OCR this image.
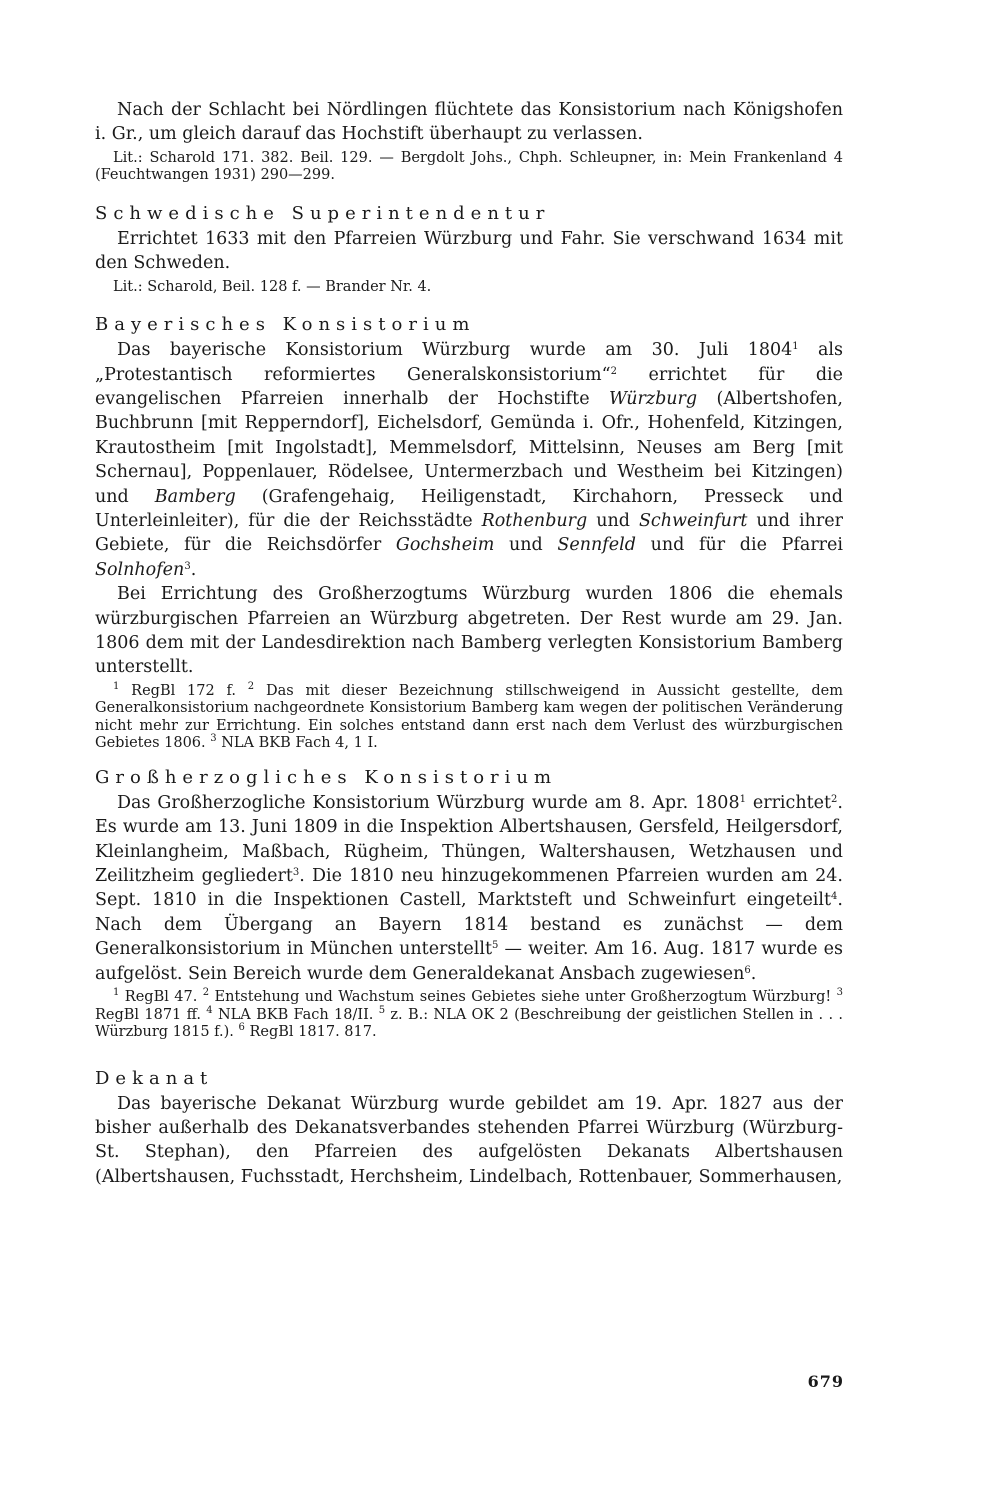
Nach der Schlacht bei Nördlingen flüchtete das Konsistorium nach Königshofen i. Gr., um gleich darauf das Hochstift überhaupt zu verlassen.

Lit.: Scharold 171. 382. Beil. 129. — Bergdolt Johs., Chph. Schleupner, in: Mein Frankenland 4 (Feuchtwangen 1931) 290—299.

Schwedische Superintendentur

Errichtet 1633 mit den Pfarreien Würzburg und Fahr. Sie verschwand 1634 mit den Schweden.

Lit.: Scharold, Beil. 128 f. — Brander Nr. 4.

Bayerisches Konsistorium

Das bayerische Konsistorium Würzburg wurde am 30. Juli 1804$^1$ als „Protestantisch reformiertes Generalskonsistorium“$^2$ errichtet für die evangelischen Pfarreien innerhalb der Hochstifte Würzburg (Albertshofen, Buchbrunn [mit Repperndorf], Eichelsdorf, Gemünda i. Ofr., Hohenfeld, Kitzingen, Krautostheim [mit Ingolstadt], Memmelsdorf, Mittelsinn, Neuses am Berg [mit Schernau], Poppenlauer, Rödelsee, Untermerzbach und Westheim bei Kitzingen) und Bamberg (Grafengehaig, Heiligenstadt, Kirchahorn, Presseck und Unterleinleiter), für die der Reichsstädte Rothenburg und Schweinfurt und ihrer Gebiete, für die Reichsdörfer Gochsheim und Sennfeld und für die Pfarrei Solnhofen$^3$.

Bei Errichtung des Großherzogtums Würzburg wurden 1806 die ehemals würzburgischen Pfarreien an Würzburg abgetreten. Der Rest wurde am 29. Jan. 1806 dem mit der Landesdirektion nach Bamberg verlegten Konsistorium Bamberg unterstellt.

$^1$ RegBl 172 f. $^2$ Das mit dieser Bezeichnung stillschweigend in Aussicht gestellte, dem Generalkonsistorium nachgeordnete Konsistorium Bamberg kam wegen der politischen Veränderung nicht mehr zur Errichtung. Ein solches entstand dann erst nach dem Verlust des würzburgischen Gebietes 1806. $^3$ NLA BKB Fach 4, 1 I.

Großherzogliches Konsistorium

Das Großherzogliche Konsistorium Würzburg wurde am 8. Apr. 1808$^1$ errichtet$^2$. Es wurde am 13. Juni 1809 in die Inspektion Albertshausen, Gersfeld, Heilgersdorf, Kleinlangheim, Maßbach, Rügheim, Thüngen, Waltershausen, Wetzhausen und Zeilitzheim gegliedert$^3$. Die 1810 neu hinzugekommenen Pfarreien wurden am 24. Sept. 1810 in die Inspektionen Castell, Marktsteft und Schweinfurt eingeteilt$^4$. Nach dem Übergang an Bayern 1814 bestand es zunächst — dem Generalkonsistorium in München unterstellt$^5$ — weiter. Am 16. Aug. 1817 wurde es aufgelöst. Sein Bereich wurde dem Generaldekanat Ansbach zugewiesen$^6$.

$^1$ RegBl 47. $^2$ Entstehung und Wachstum seines Gebietes siehe unter Großherzogtum Würzburg! $^3$ RegBl 1871 ff. $^4$ NLA BKB Fach 18/II. $^5$ z. B.: NLA OK 2 (Beschreibung der geistlichen Stellen in . . . Würzburg 1815 f.). $^6$ RegBl 1817. 817.

Dekanat

Das bayerische Dekanat Würzburg wurde gebildet am 19. Apr. 1827 aus der bisher außerhalb des Dekanatsverbandes stehenden Pfarrei Würzburg (Würzburg-St. Stephan), den Pfarreien des aufgelösten Dekanats Albertshausen (Albertshausen, Fuchsstadt, Herchsheim, Lindelbach, Rottenbauer, Sommerhausen,

679
